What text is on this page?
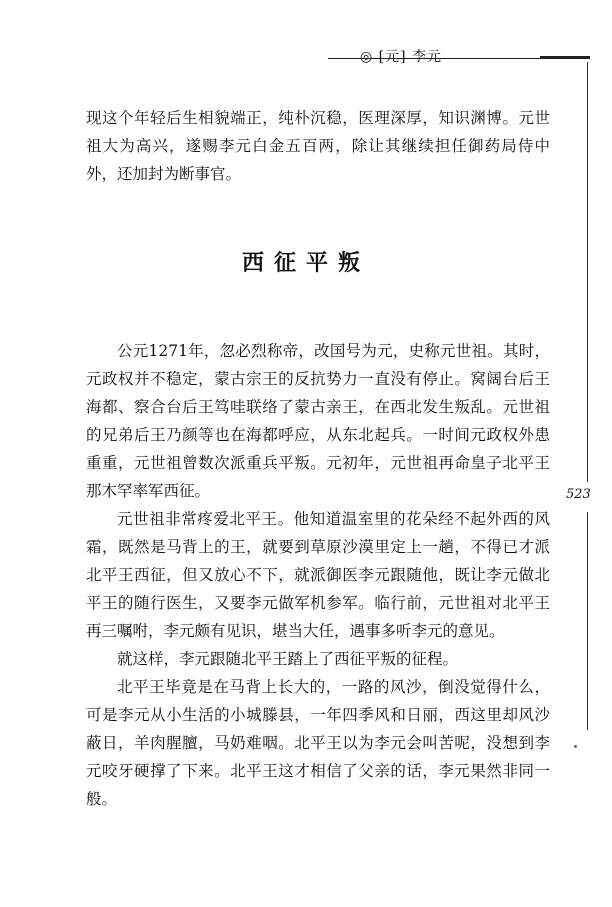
◎ [元] 李元
523

现这个年轻后生相貌端正，纯朴沉稳，医理深厚，知识渊博。元世祖大为高兴，遂赐李元白金五百两，除让其继续担任御药局侍中外，还加封为断事官。

西征平叛

公元1271年，忽必烈称帝，改国号为元，史称元世祖。其时，元政权并不稳定，蒙古宗王的反抗势力一直没有停止。窝阔台后王海都、察合台后王笃哇联络了蒙古亲王，在西北发生叛乱。元世祖的兄弟后王乃颜等也在海都呼应，从东北起兵。一时间元政权外患重重，元世祖曾数次派重兵平叛。元初年，元世祖再命皇子北平王那木罕率军西征。

元世祖非常疼爱北平王。他知道温室里的花朵经不起外西的风霜，既然是马背上的王，就要到草原沙漠里定上一趟，不得已才派北平王西征，但又放心不下，就派御医李元跟随他，既让李元做北平王的随行医生，又要李元做军机参军。临行前，元世祖对北平王再三嘱咐，李元颇有见识，堪当大任，遇事多听李元的意见。

就这样，李元跟随北平王踏上了西征平叛的征程。

北平王毕竟是在马背上长大的，一路的风沙，倒没觉得什么，可是李元从小生活的小城滕县，一年四季风和日丽，西这里却风沙蔽日，羊肉腥膻，马奶难咽。北平王以为李元会叫苦呢，没想到李元咬牙硬撑了下来。北平王这才相信了父亲的话，李元果然非同一般。
